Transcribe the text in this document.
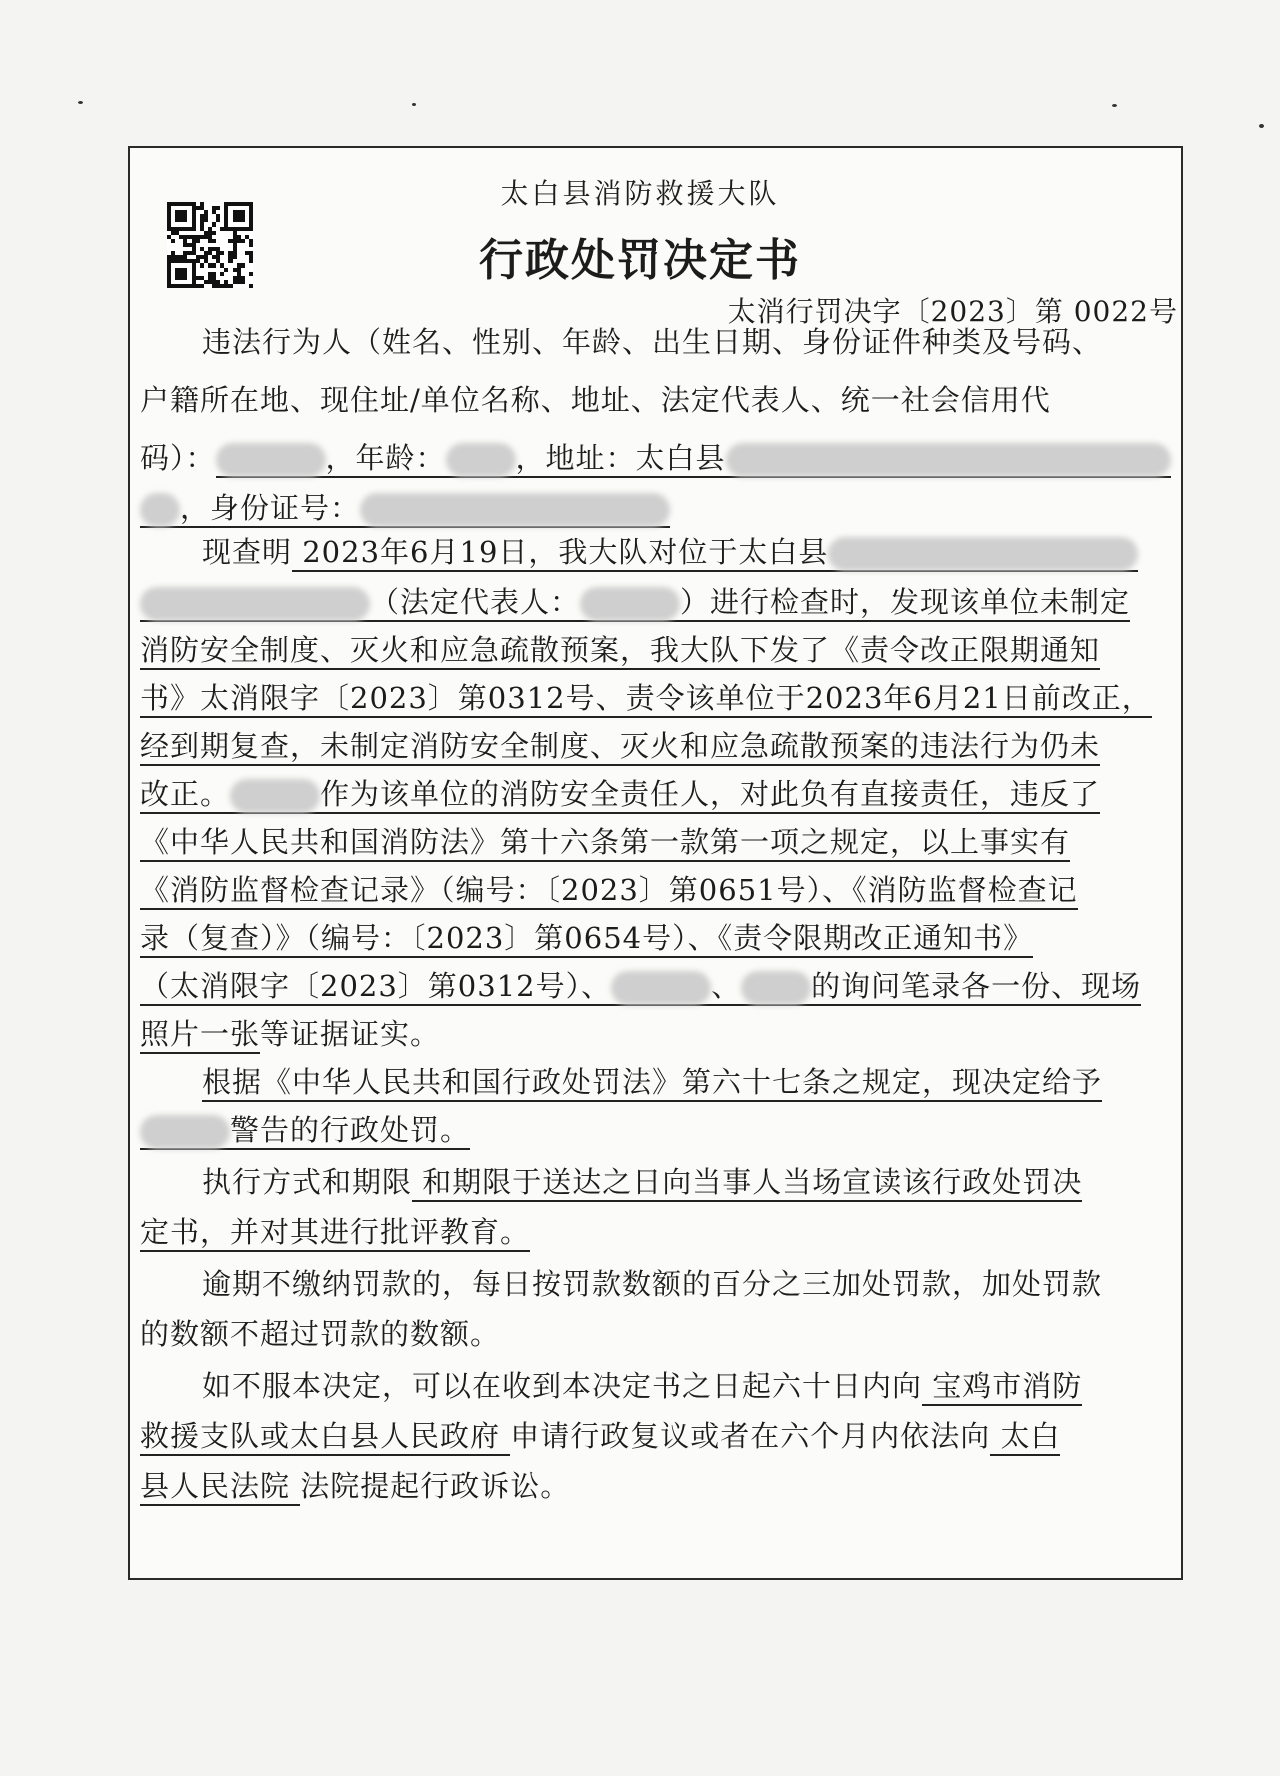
太白县消防救援大队
行政处罚决定书
太消行罚决字〔2023〕第 0022号
违法行为人（姓名、性别、年龄、出生日期、身份证件种类及号码、
户籍所在地、现住址/单位名称、地址、法定代表人、统一社会信用代
码）：	，年龄： ，地址：太白县
，身份证号：
现查明 2023年6月19日，我大队对位于太白县
（法定代表人：	）进行检查时，发现该单位未制定
消防安全制度、灭火和应急疏散预案，我大队下发了《责令改正限期通知
书》太消限字〔2023〕第0312号、责令该单位于2023年6月21日前改正，
经到期复查，未制定消防安全制度、灭火和应急疏散预案的违法行为仍未
改正。	作为该单位的消防安全责任人，对此负有直接责任，违反了
《中华人民共和国消防法》第十六条第一款第一项之规定，以上事实有
《消防监督检查记录》（编号：〔2023〕第0651号）、《消防监督检查记
录（复查）》（编号：〔2023〕第0654号）、《责令限期改正通知书》
（太消限字〔2023〕第0312号）、	、 的询问笔录各一份、现场
照片一张等证据证实。
根据《中华人民共和国行政处罚法》第六十七条之规定，现决定给予
警告的行政处罚。
执行方式和期限 和期限于送达之日向当事人当场宣读该行政处罚决
定书，并对其进行批评教育。
逾期不缴纳罚款的，每日按罚款数额的百分之三加处罚款，加处罚款
的数额不超过罚款的数额。
如不服本决定，可以在收到本决定书之日起六十日内向 宝鸡市消防
救援支队或太白县人民政府 申请行政复议或者在六个月内依法向 太白
县人民法院 法院提起行政诉讼。
